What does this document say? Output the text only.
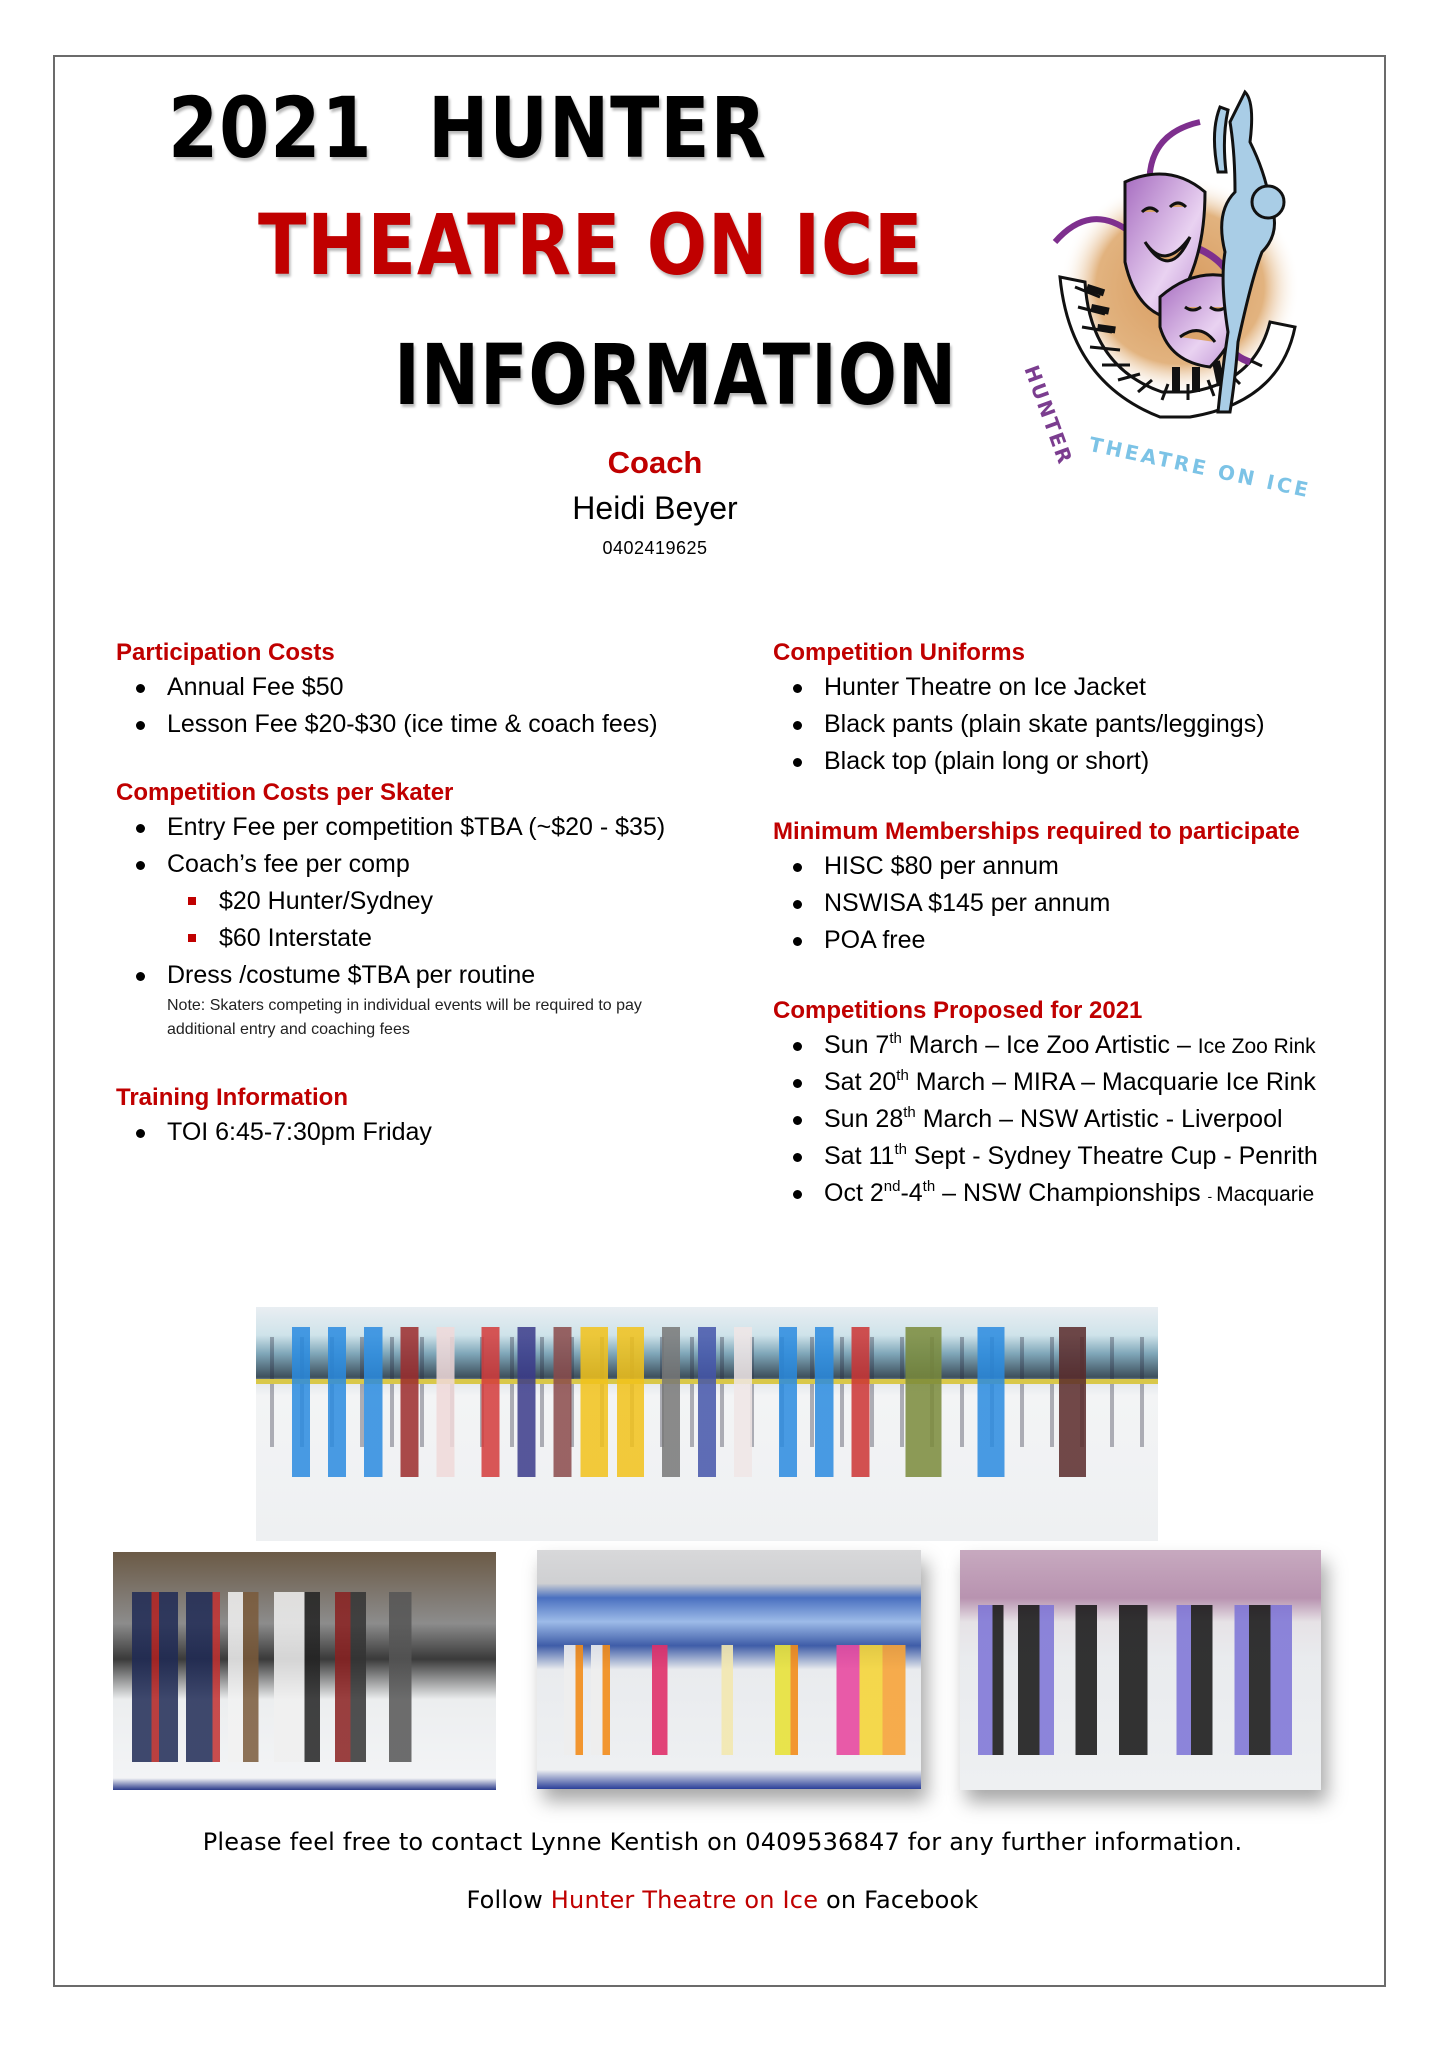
2021 HUNTER
THEATRE ON ICE
INFORMATION	HUNTER THEATRE ON ICE
Coach
Heidi Beyer
0402419625
Participation Costs
Annual Fee $50
Lesson Fee $20-$30 (ice time & coach fees)
Competition Costs per Skater
Entry Fee per competition $TBA (~$20 - $35)
Coach’s fee per comp
$20 Hunter/Sydney
$60 Interstate
Dress /costume $TBA per routine
Note: Skaters competing in individual events will be required to pay additional entry and coaching fees
Training Information
TOI 6:45-7:30pm Friday
Competition Uniforms
Hunter Theatre on Ice Jacket
Black pants (plain skate pants/leggings)
Black top (plain long or short)
Minimum Memberships required to participate
HISC $80 per annum
NSWISA $145 per annum
POA free
Competitions Proposed for 2021
Sun 7th March – Ice Zoo Artistic – Ice Zoo Rink
Sat 20th March – MIRA – Macquarie Ice Rink
Sun 28th March – NSW Artistic - Liverpool
Sat 11th Sept - Sydney Theatre Cup - Penrith
Oct 2nd-4th – NSW Championships - Macquarie
Please feel free to contact Lynne Kentish on 0409536847 for any further information.
Follow Hunter Theatre on Ice on Facebook
